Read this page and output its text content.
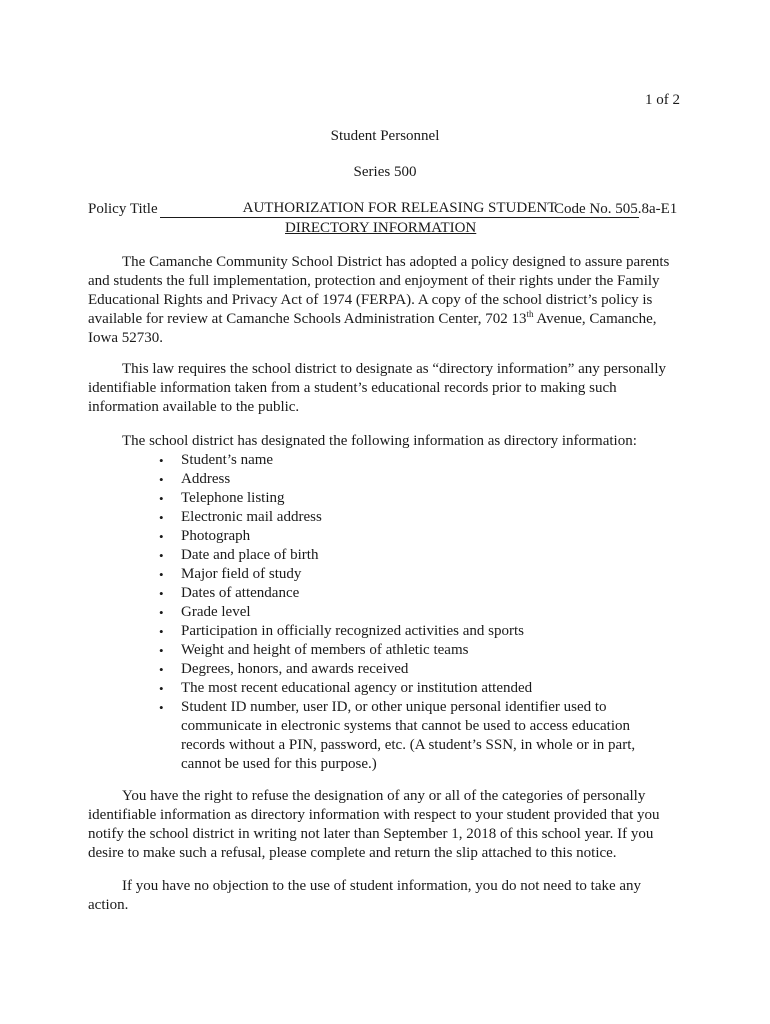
1 of 2
Student Personnel
Series 500
Policy Title	AUTHORIZATION FOR RELEASING STUDENT
Code No. 505.8a-E1
DIRECTORY INFORMATION
The Camanche Community School District has adopted a policy designed to assure parents and students the full implementation, protection and enjoyment of their rights under the Family Educational Rights and Privacy Act of 1974 (FERPA). A copy of the school district’s policy is available for review at Camanche Schools Administration Center, 702 13th Avenue, Camanche, Iowa 52730.
This law requires the school district to designate as “directory information” any personally identifiable information taken from a student’s educational records prior to making such information available to the public.
The school district has designated the following information as directory information:
• Student’s name
• Address
• Telephone listing
• Electronic mail address
• Photograph
• Date and place of birth
• Major field of study
• Dates of attendance
• Grade level
• Participation in officially recognized activities and sports
• Weight and height of members of athletic teams
• Degrees, honors, and awards received
• The most recent educational agency or institution attended
• Student ID number, user ID, or other unique personal identifier used to communicate in electronic systems that cannot be used to access education records without a PIN, password, etc. (A student’s SSN, in whole or in part, cannot be used for this purpose.)
You have the right to refuse the designation of any or all of the categories of personally identifiable information as directory information with respect to your student provided that you notify the school district in writing not later than September 1, 2018 of this school year. If you desire to make such a refusal, please complete and return the slip attached to this notice.
If you have no objection to the use of student information, you do not need to take any action.
